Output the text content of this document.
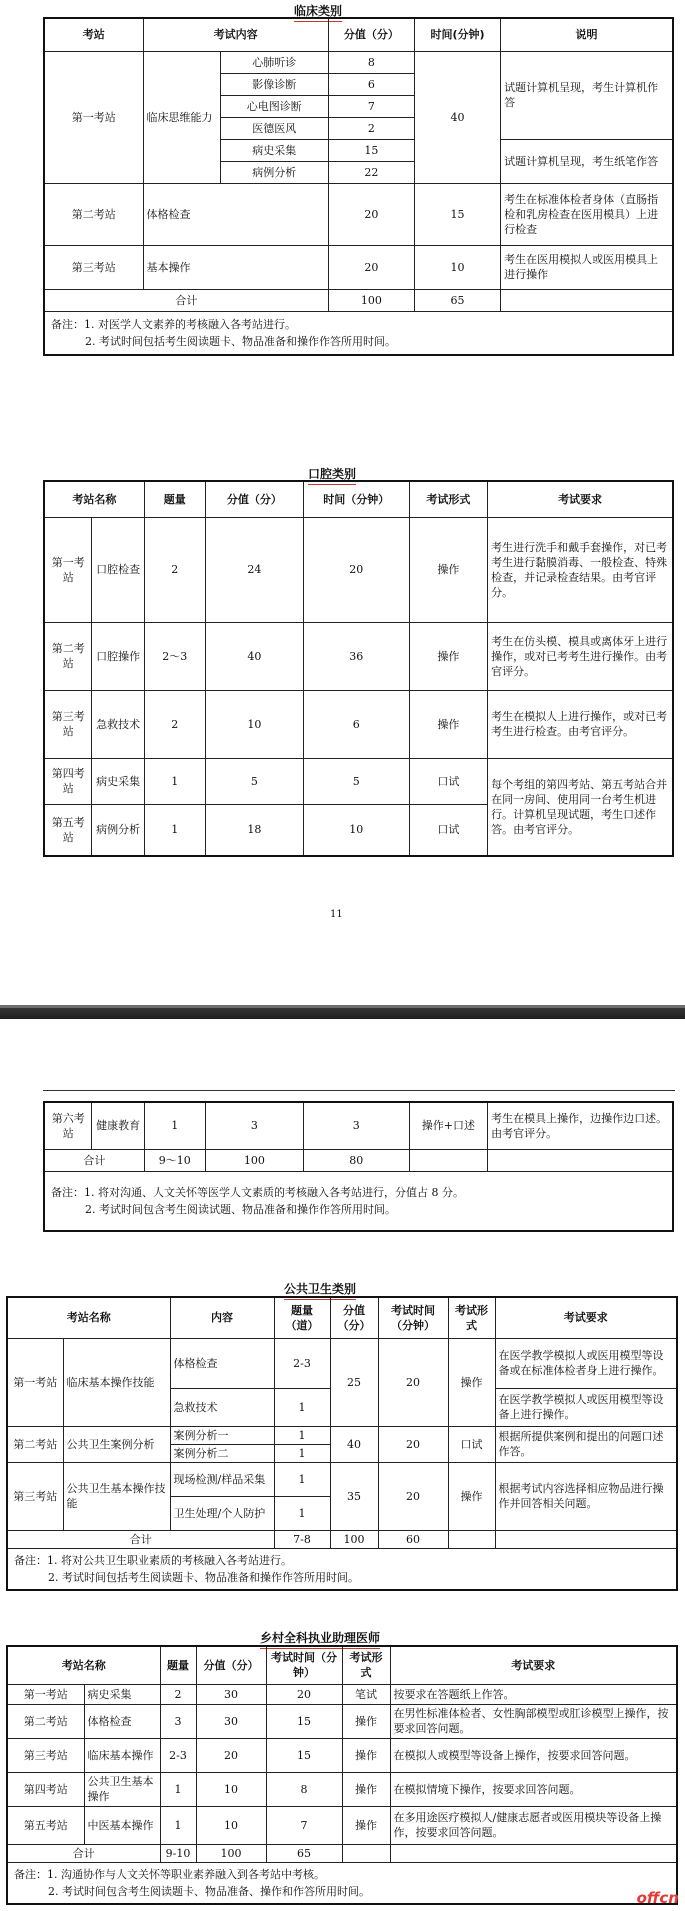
临床类别
考站	考试内容		分值（分）	时间(分钟)	说明
第一考站	临床思维能力	心肺听诊	8	40	试题计算机呈现，考生计算机作答
		影像诊断	6		
		心电图诊断	7		
		医德医风	2		
		病史采集	15		试题计算机呈现，考生纸笔作答
		病例分析	22		
第二考站	体格检查		20	15	考生在标准体检者身体（直肠指检和乳房检查在医用模具）上进行检查
第三考站	基本操作		20	10	考生在医用模拟人或医用模具上进行操作
合计			100	65	

备注：1. 对医学人文素养的考核融入各考站进行。
2. 考试时间包括考生阅读题卡、物品准备和操作作答所用时间。					
口腔类别
考站名称		题量	分值（分）	时间（分钟）	考试形式	考试要求
第一考站	口腔检查	2	24	20	操作	考生进行洗手和戴手套操作，对已考考生进行黏膜消毒、一般检查、特殊检查，并记录检查结果。由考官评分。
第二考站	口腔操作	2～3	40	36	操作	考生在仿头模、模具或离体牙上进行操作，或对已考考生进行操作。由考官评分。
第三考站	急救技术	2	10	6	操作	考生在模拟人上进行操作，或对已考考生进行检查。由考官评分。
第四考站	病史采集	1	5	5	口试	每个考组的第四考站、第五考站合并在同一房间、使用同一台考生机进行。计算机呈现试题，考生口述作答。由考官评分。
第五考站	病例分析	1	18	10	口试	
11
第六考站	健康教育	1	3	3	操作+口述	考生在模具上操作，边操作边口述。由考官评分。
合计		9～10	100	80		

备注：1. 将对沟通、人文关怀等医学人文素质的考核融入各考站进行，分值占 8 分。
2. 考试时间包含考生阅读试题、物品准备和操作作答所用时间。						
公共卫生类别
考站名称		内容	题量（道）	分值（分）	考试时间（分钟）	考试形式	考试要求
第一考站	临床基本操作技能	体格检查	2-3	25	20	操作	在医学教学模拟人或医用模型等设备或在标准体检者身上进行操作。
		急救技术	1				在医学教学模拟人或医用模型等设备上进行操作。
第二考站	公共卫生案例分析	案例分析一	1	40	20	口试	根据所提供案例和提出的问题口述作答。
		案例分析二	1				
第三考站	公共卫生基本操作技能	现场检测/样品采集	1	35	20	操作	根据考试内容选择相应物品进行操作并回答相关问题。
		卫生处理/个人防护	1				
合计			7-8	100	60		

备注：1. 将对公共卫生职业素质的考核融入各考站进行。
2. 考试时间包括考生阅读题卡、物品准备和操作作答所用时间。							
乡村全科执业助理医师
考站名称		题量	分值（分）	考试时间（分钟）	考试形式	考试要求
第一考站	病史采集	2	30	20	笔试	按要求在答题纸上作答。
第二考站	体格检查	3	30	15	操作	在男性标准体检者、女性胸部模型或肛诊模型上操作，按要求回答问题。
第三考站	临床基本操作	2-3	20	15	操作	在模拟人或模型等设备上操作，按要求回答问题。
第四考站	公共卫生基本操作	1	10	8	操作	在模拟情境下操作，按要求回答问题。
第五考站	中医基本操作	1	10	7	操作	在多用途医疗模拟人/健康志愿者或医用模块等设备上操作，按要求回答问题。
合计		9-10	100	65		

备注：1. 沟通协作与人文关怀等职业素养融入到各考站中考核。
2. 考试时间包含考生阅读题卡、物品准备、操作和作答所用时间。							offcn
